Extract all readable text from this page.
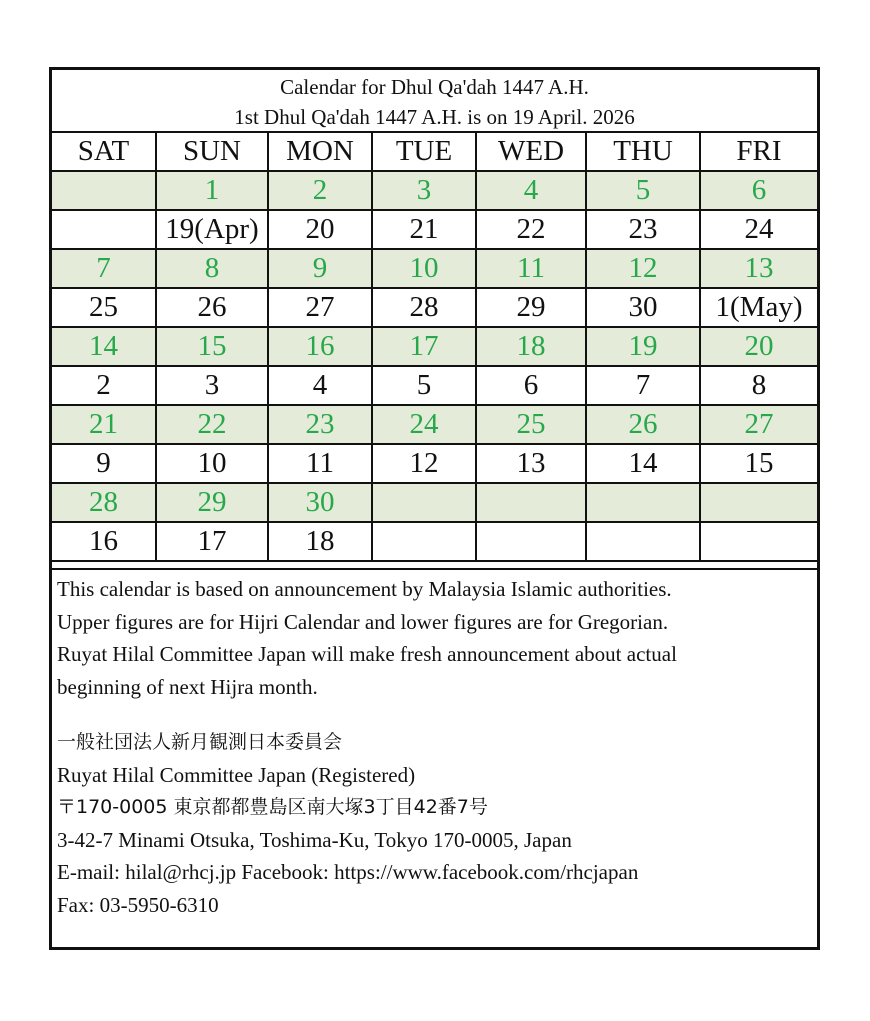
Calendar for Dhul Qa'dah 1447 A.H.
1st Dhul Qa'dah 1447 A.H. is on 19 April. 2026
SAT	SUN	MON	TUE	WED	THU	FRI
	1	2	3	4	5	6
	19(Apr)	20	21	22	23	24
7	8	9	10	11	12	13
25	26	27	28	29	30	1(May)
14	15	16	17	18	19	20
2	3	4	5	6	7	8
21	22	23	24	25	26	27
9	10	11	12	13	14	15
28	29	30				
16	17	18				
This calendar is based on announcement by Malaysia Islamic authorities.
Upper figures are for Hijri Calendar and lower figures are for Gregorian.
Ruyat Hilal Committee Japan will make fresh announcement about actual
beginning of next Hijra month.
一般社団法人新月観測日本委員会
Ruyat Hilal Committee Japan (Registered)
〒170-0005 東京都都豊島区南大塚3丁目42番7号
3-42-7 Minami Otsuka, Toshima-Ku, Tokyo 170-0005, Japan
E-mail: hilal@rhcj.jp Facebook: https://www.facebook.com/rhcjapan
Fax: 03-5950-6310
